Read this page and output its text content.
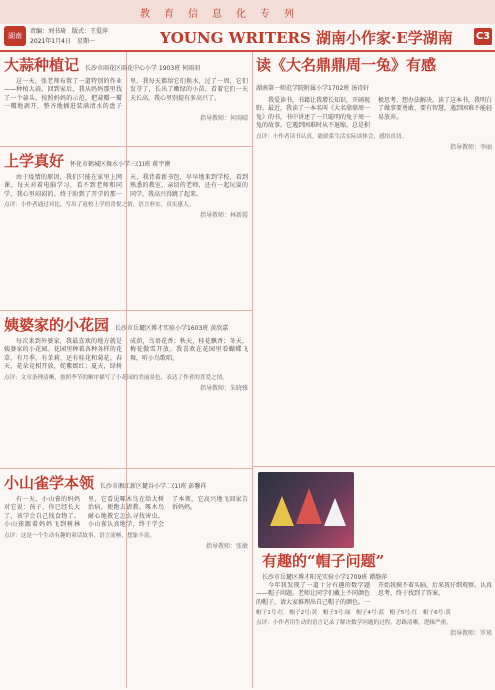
教育信息化专列
湖南
责编：刘书琦　版式：王爱萍
2021年1月4日　星期一	YOUNG WRITERS 湖南小作家·E学湖南 C3
大蒜种植记 长沙市雨花区雨花中心小学 1903班 何雨羽

这一天，张老师布置了一道特别的作业——种植大蒜。回到家后，我从妈妈那里找了一个蒜头，按照妈妈的示范，把蒜瓣一瓣一瓣地剥开，整齐地插进装满清水的盘子里。我每天都给它们换水，过了一周，它们发芽了，长出了嫩绿的小苗。看着它们一天天长高，我心里别提有多高兴了。

指导教师：何雨晴
上学真好 怀化市鹤城区舞水小学三(1)班 蒋宇澳

由于疫情的原因，我们只能在家里上网课。每天对着电脑学习，看不到老师和同学，我心里闷闷的。终于盼到了开学的那一天，我背着新书包，早早地来到学校，看到熟悉的教室，亲切的老师，还有一起玩耍的同学，我高兴得跳了起来。

点评：小作者通过对比，写出了返校上学的喜悦之情，语言朴实，真实感人。
指导教师：林新霞
姨婆家的小花园 长沙市岳麓区博才实验小学1603班 黄欣嘉

每次来到外婆家，我最喜欢的地方就是姨婆家的小花园。花园里种着各种各样的花草，有月季、有茉莉，还有桂花和菊花。春天，花朵竞相开放，姹紫嫣红；夏天，绿树成荫，鸟语花香；秋天，桂花飘香；冬天，梅花傲雪开放。我喜欢在花园里看蝴蝶飞舞，听小鸟歌唱。

点评：文章条理清晰，按照季节的顺序描写了小花园的美丽景色，表达了作者的喜爱之情。
指导教师：朱晓雅
小山雀学本领 长沙市湘江新区麓谷小学二(1)班 彭馨祥

有一天，小山雀的妈妈对它说：孩子，你已经长大了，该学会自己找食物了。小山雀跟着妈妈飞到树林里，它看见啄木鸟在给大树治病，便跑去请教。啄木鸟耐心地教它怎么寻找害虫。小山雀认真地学，终于学会了本领，它高兴地飞回家告诉妈妈。

点评：这是一个生动有趣的童话故事，语言流畅，想象丰富。
指导教师：张敏
读《大名鼎鼎周一兔》有感
湖南第一师范学院附属小学1702班 汤诗轩

我爱读书，书籍让我增长知识，开阔视野。最近，我读了一本名叫《大名鼎鼎周一兔》的书，书中讲述了一只聪明的兔子周一兔的故事。它遇到困难时从不退缩，总是积极思考、想办法解决。读了这本书，我明白了做事要勇敢、要有智慧，遇到困难不能轻易放弃。

点评：小作者读书认真，能联系生活实际谈体会，感悟真切。
指导教师：李丽
有趣的“帽子问题”
长沙市岳麓区博才阳光实验小学1709班 谭静萍

今年我发现了一道十分有趣的数学题——帽子问题。老师让同学们戴上不同颜色的帽子，请大家推理出自己帽子的颜色。一开始我摸不着头脑，后来我仔细观察、认真思考，终于找到了答案。

帽子1号:红　帽子2号:黄　帽子3号:绿　帽子4号:蓝　帽子5号:红　帽子6号:黄
点评：小作者用生动的语言记录了解决数学问题的过程，思路清晰，逻辑严密。
指导教师：罗瑛
